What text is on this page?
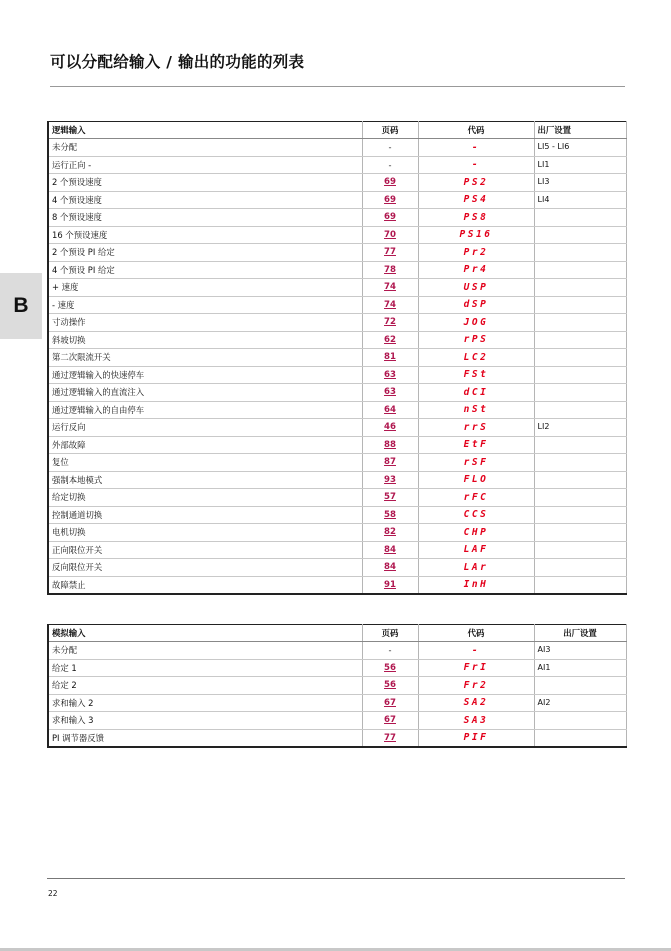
可以分配给输入 / 输出的功能的列表
B
逻辑输入	页码	代码	出厂设置
未分配	-	-	LI5 - LI6
运行正向 -	-	-	LI1
2 个预设速度	69	PS2	LI3
4 个预设速度	69	PS4	LI4
8 个预设速度	69	PS8	
16 个预设速度	70	PS16	
2 个预设 PI 给定	77	Pr2	
4 个预设 PI 给定	78	Pr4	
+ 速度	74	USP	
- 速度	74	dSP	
寸动操作	72	JOG	
斜坡切换	62	rPS	
第二次限流开关	81	LC2	
通过逻辑输入的快速停车	63	FSt	
通过逻辑输入的直流注入	63	dCI	
通过逻辑输入的自由停车	64	nSt	
运行反向	46	rrS	LI2
外部故障	88	EtF	
复位	87	rSF	
强制本地模式	93	FLO	
给定切换	57	rFC	
控制通道切换	58	CCS	
电机切换	82	CHP	
正向限位开关	84	LAF	
反向限位开关	84	LAr	
故障禁止	91	InH	
模拟输入	页码	代码	出厂设置
未分配	-	-	AI3
给定 1	56	FrI	AI1
给定 2	56	Fr2	
求和输入 2	67	SA2	AI2
求和输入 3	67	SA3	
PI 调节器反馈	77	PIF	
22
